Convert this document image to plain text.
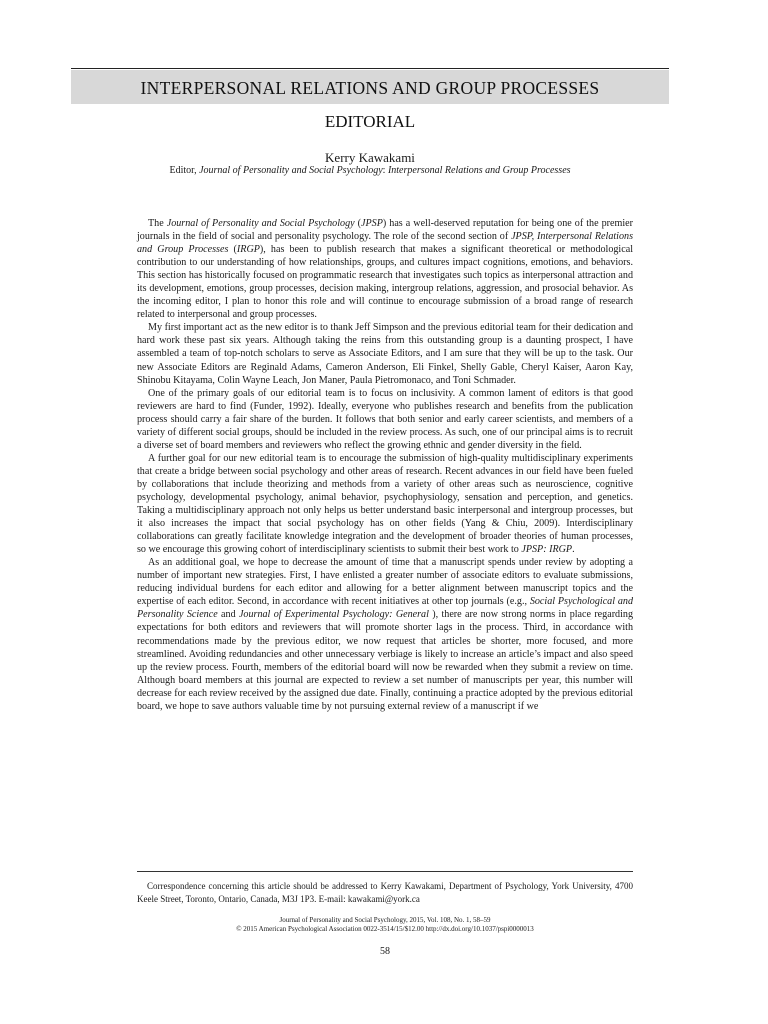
INTERPERSONAL RELATIONS AND GROUP PROCESSES
EDITORIAL
Kerry Kawakami
Editor, Journal of Personality and Social Psychology: Interpersonal Relations and Group Processes

The Journal of Personality and Social Psychology (JPSP) has a well-deserved reputation for being one of the premier journals in the field of social and personality psychology. The role of the second section of JPSP, Interpersonal Relations and Group Processes (IRGP), has been to publish research that makes a significant theoretical or methodological contribution to our understanding of how relationships, groups, and cultures impact cognitions, emotions, and behaviors. This section has historically focused on programmatic research that investigates such topics as interpersonal attraction and its development, emotions, group processes, decision making, intergroup relations, aggression, and prosocial behavior. As the incoming editor, I plan to honor this role and will continue to encourage submission of a broad range of research related to interpersonal and group processes.

My first important act as the new editor is to thank Jeff Simpson and the previous editorial team for their dedication and hard work these past six years. Although taking the reins from this outstanding group is a daunting prospect, I have assembled a team of top-notch scholars to serve as Associate Editors, and I am sure that they will be up to the task. Our new Associate Editors are Reginald Adams, Cameron Anderson, Eli Finkel, Shelly Gable, Cheryl Kaiser, Aaron Kay, Shinobu Kitayama, Colin Wayne Leach, Jon Maner, Paula Pietromonaco, and Toni Schmader.

One of the primary goals of our editorial team is to focus on inclusivity. A common lament of editors is that good reviewers are hard to find (Funder, 1992). Ideally, everyone who publishes research and benefits from the publication process should carry a fair share of the burden. It follows that both senior and early career scientists, and members of a variety of different social groups, should be included in the review process. As such, one of our principal aims is to recruit a diverse set of board members and reviewers who reflect the growing ethnic and gender diversity in the field.

A further goal for our new editorial team is to encourage the submission of high-quality multidisciplinary experiments that create a bridge between social psychology and other areas of research. Recent advances in our field have been fueled by collaborations that include theorizing and methods from a variety of other areas such as neuroscience, cognitive psychology, developmental psychology, animal behavior, psychophysiology, sensation and perception, and genetics. Taking a multidisciplinary approach not only helps us better understand basic interpersonal and intergroup processes, but it also increases the impact that social psychology has on other fields (Yang & Chiu, 2009). Interdisciplinary collaborations can greatly facilitate knowledge integration and the development of broader theories of human processes, so we encourage this growing cohort of interdisciplinary scientists to submit their best work to JPSP: IRGP.

As an additional goal, we hope to decrease the amount of time that a manuscript spends under review by adopting a number of important new strategies. First, I have enlisted a greater number of associate editors to evaluate submissions, reducing individual burdens for each editor and allowing for a better alignment between manuscript topics and the expertise of each editor. Second, in accordance with recent initiatives at other top journals (e.g., Social Psychological and Personality Science and Journal of Experimental Psychology: General ), there are now strong norms in place regarding expectations for both editors and reviewers that will promote shorter lags in the process. Third, in accordance with recommendations made by the previous editor, we now request that articles be shorter, more focused, and more streamlined. Avoiding redundancies and other unnecessary verbiage is likely to increase an article’s impact and also speed up the review process. Fourth, members of the editorial board will now be rewarded when they submit a review on time. Although board members at this journal are expected to review a set number of manuscripts per year, this number will decrease for each review received by the assigned due date. Finally, continuing a practice adopted by the previous editorial board, we hope to save authors valuable time by not pursuing external review of a manuscript if we

Correspondence concerning this article should be addressed to Kerry Kawakami, Department of Psychology, York University, 4700 Keele Street, Toronto, Ontario, Canada, M3J 1P3. E-mail: kawakami@york.ca
Journal of Personality and Social Psychology, 2015, Vol. 108, No. 1, 58–59
© 2015 American Psychological Association 0022-3514/15/$12.00 http://dx.doi.org/10.1037/pspi0000013
58
